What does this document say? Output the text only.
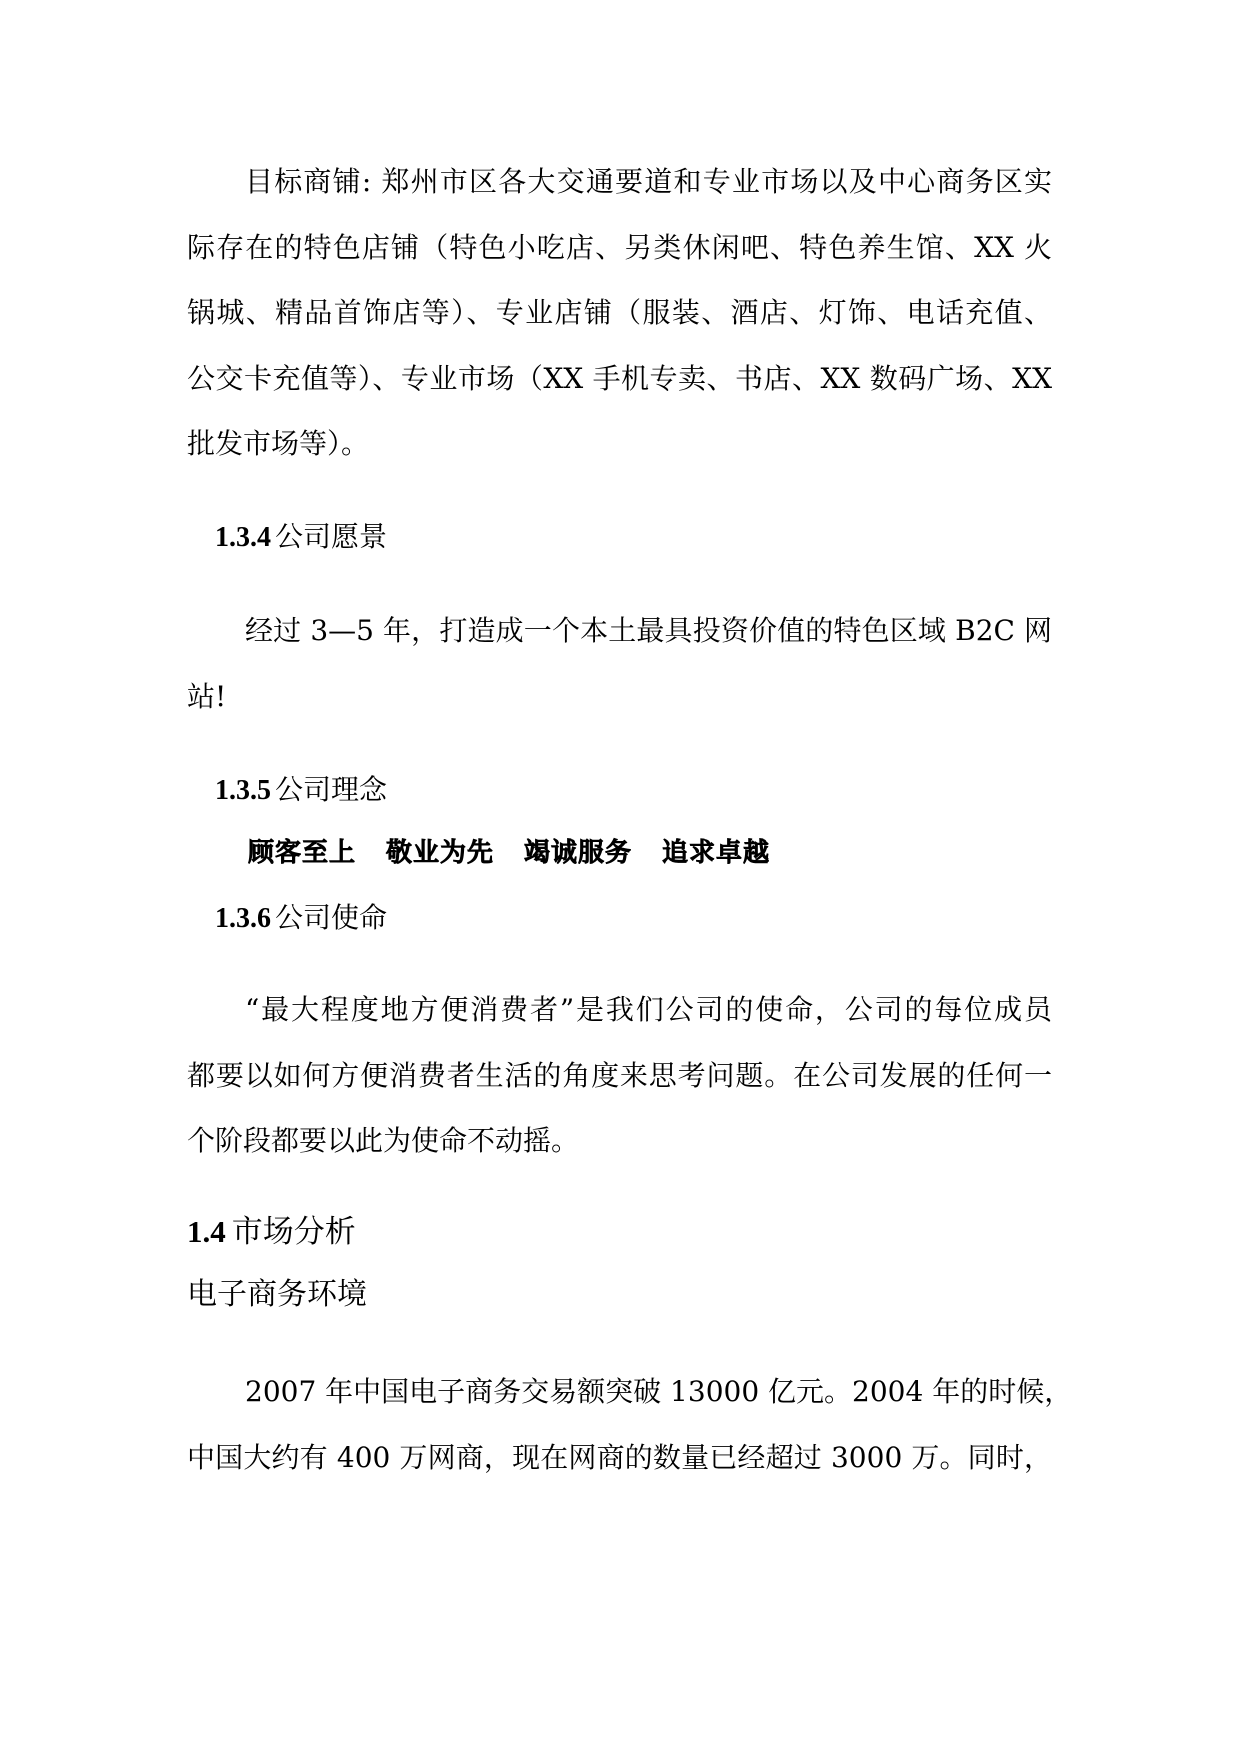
目标商铺: 郑州市区各大交通要道和专业市场以及中心商务区实
际存在的特色店铺（特色小吃店、另类休闲吧、特色养生馆、XX 火
锅城、精品首饰店等）、专业店铺（服装、酒店、灯饰、电话充值、
公交卡充值等）、专业市场（XX 手机专卖、书店、XX 数码广场、XX
批发市场等）。
1.3.4 公司愿景
经过 3—5 年，打造成一个本土最具投资价值的特色区域 B2C 网
站!
1.3.5 公司理念
顾客至上 敬业为先 竭诚服务 追求卓越
1.3.6 公司使命
“最大程度地方便消费者”是我们公司的使命，公司的每位成员
都要以如何方便消费者生活的角度来思考问题。在公司发展的任何一
个阶段都要以此为使命不动摇。
1.4 市场分析
电子商务环境
2007 年中国电子商务交易额突破 13000 亿元。2004 年的时候，
中国大约有 400 万网商，现在网商的数量已经超过 3000 万。同时，
